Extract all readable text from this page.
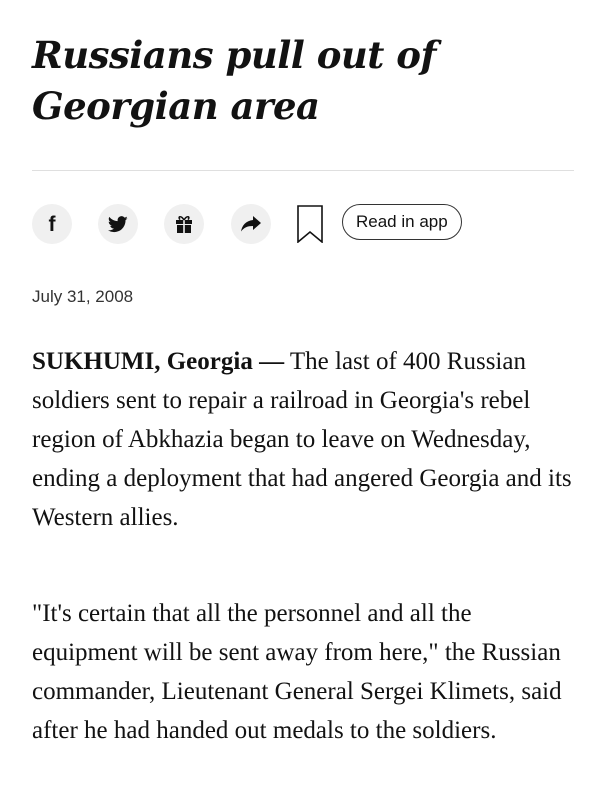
Russians pull out of Georgian area
f	Read in app
July 31, 2008

SUKHUMI, Georgia — The last of 400 Russian soldiers sent to repair a railroad in Georgia's rebel region of Abkhazia began to leave on Wednesday, ending a deployment that had angered Georgia and its Western allies.

"It's certain that all the personnel and all the equipment will be sent away from here," the Russian commander, Lieutenant General Sergei Klimets, said after he had handed out medals to the soldiers.
